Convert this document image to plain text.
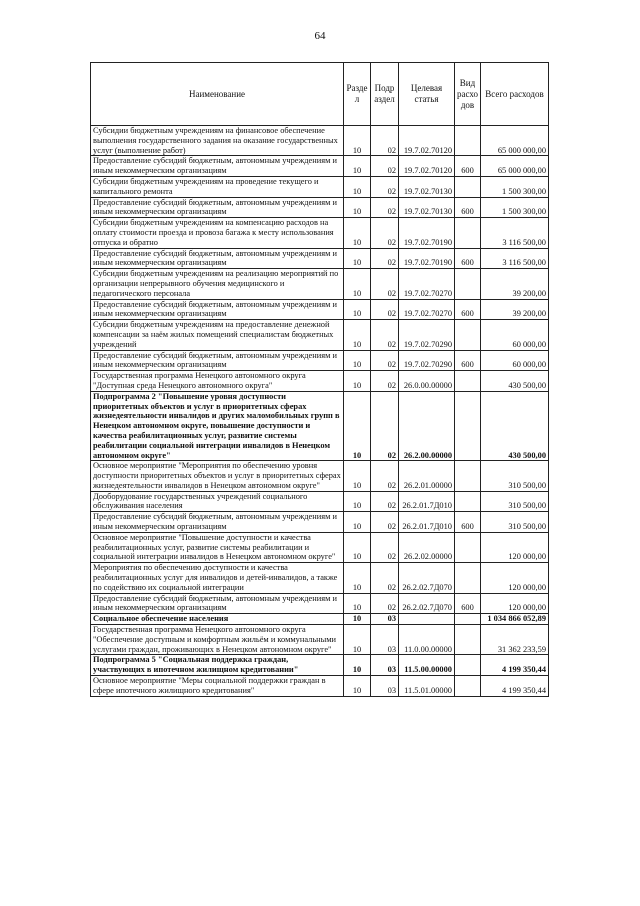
64
Наименование	Разде л	Подр аздел	Целевая статья	Вид расхо дов	Всего расходов
Субсидии бюджетным учреждениям на финансовое обеспечение выполнения государственного задания на оказание государственных услуг (выполнение работ)	10	02	19.7.02.70120		65 000 000,00
Предоставление субсидий бюджетным, автономным учреждениям и иным некоммерческим организациям	10	02	19.7.02.70120	600	65 000 000,00
Субсидии бюджетным учреждениям на проведение текущего и капитального ремонта	10	02	19.7.02.70130		1 500 300,00
Предоставление субсидий бюджетным, автономным учреждениям и иным некоммерческим организациям	10	02	19.7.02.70130	600	1 500 300,00
Субсидии бюджетным учреждениям на компенсацию расходов на оплату стоимости проезда и провоза багажа к месту использования отпуска и обратно	10	02	19.7.02.70190		3 116 500,00
Предоставление субсидий бюджетным, автономным учреждениям и иным некоммерческим организациям	10	02	19.7.02.70190	600	3 116 500,00
Субсидии бюджетным учреждениям на реализацию мероприятий по организации непрерывного обучения медицинского и педагогического персонала	10	02	19.7.02.70270		39 200,00
Предоставление субсидий бюджетным, автономным учреждениям и иным некоммерческим организациям	10	02	19.7.02.70270	600	39 200,00
Субсидии бюджетным учреждениям на предоставление денежной компенсации за наём жилых помещений специалистам бюджетных учреждений	10	02	19.7.02.70290		60 000,00
Предоставление субсидий бюджетным, автономным учреждениям и иным некоммерческим организациям	10	02	19.7.02.70290	600	60 000,00
Государственная программа Ненецкого автономного округа "Доступная среда Ненецкого автономного округа"	10	02	26.0.00.00000		430 500,00
Подпрограмма 2 "Повышение уровня доступности приоритетных объектов и услуг в приоритетных сферах жизнедеятельности инвалидов и других маломобильных групп в Ненецком автономном округе, повышение доступности и качества реабилитационных услуг, развитие системы реабилитации социальной интеграции инвалидов в Ненецком автономном округе"	10	02	26.2.00.00000		430 500,00
Основное мероприятие "Мероприятия по обеспечению уровня доступности приоритетных объектов и услуг в приоритетных сферах жизнедеятельности инвалидов в Ненецком автономном округе"	10	02	26.2.01.00000		310 500,00
Дооборудование государственных учреждений социального обслуживания населения	10	02	26.2.01.7Д010		310 500,00
Предоставление субсидий бюджетным, автономным учреждениям и иным некоммерческим организациям	10	02	26.2.01.7Д010	600	310 500,00
Основное мероприятие "Повышение доступности и качества реабилитационных услуг, развитие системы реабилитации и социальной интеграции инвалидов в Ненецком автономном округе"	10	02	26.2.02.00000		120 000,00
Мероприятия по обеспечению доступности и качества реабилитационных услуг для инвалидов и детей-инвалидов, а также по содействию их социальной интеграции	10	02	26.2.02.7Д070		120 000,00
Предоставление субсидий бюджетным, автономным учреждениям и иным некоммерческим организациям	10	02	26.2.02.7Д070	600	120 000,00
Социальное обеспечение населения	10	03			1 034 866 052,89
Государственная программа Ненецкого автономного округа "Обеспечение доступным и комфортным жильём и коммунальными услугами граждан, проживающих в Ненецком автономном округе"	10	03	11.0.00.00000		31 362 233,59
Подпрограмма 5 "Социальная поддержка граждан, участвующих в ипотечном жилищном кредитовании"	10	03	11.5.00.00000		4 199 350,44
Основное мероприятие "Меры социальной поддержки граждан в сфере ипотечного жилищного кредитования"	10	03	11.5.01.00000		4 199 350,44
